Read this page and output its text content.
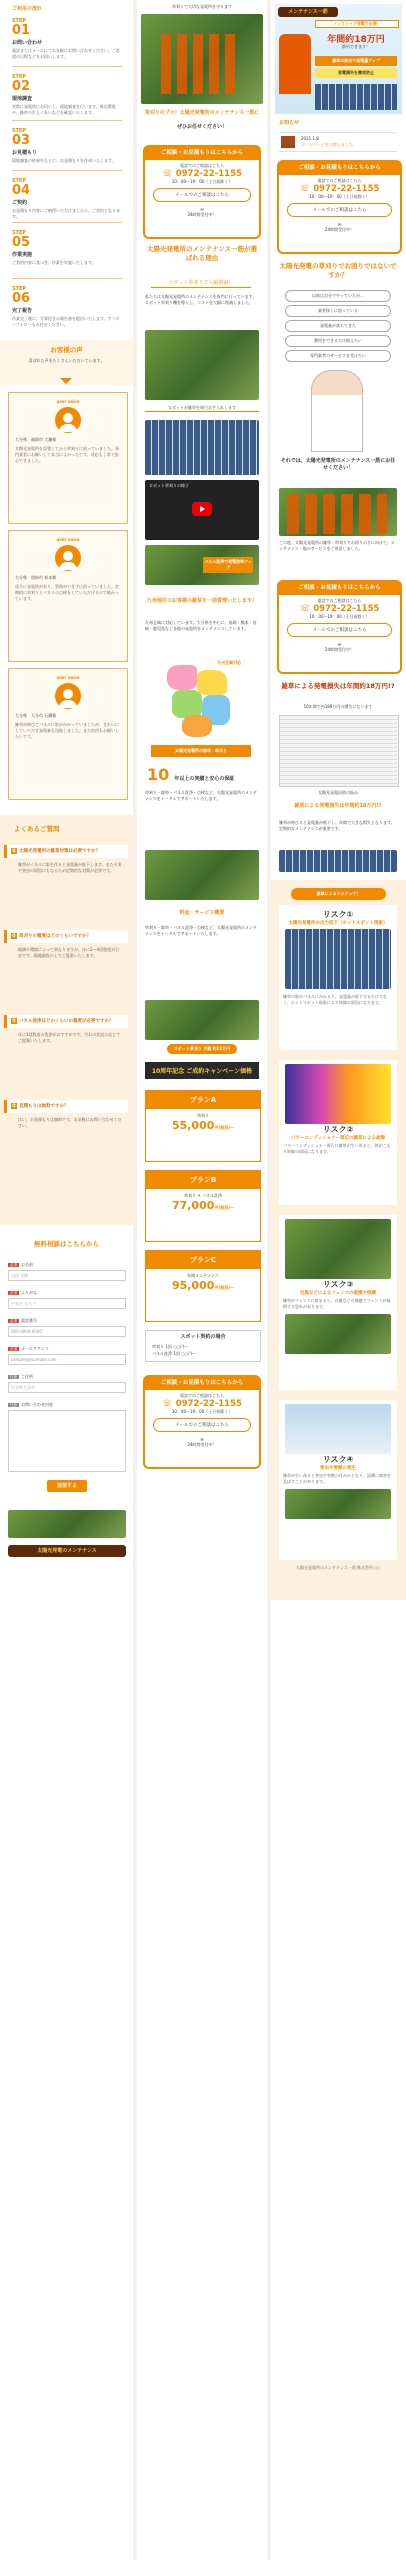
ご利用の流れ
STEP
01
お問い合わせ
電話またはメールにてお気軽にお問い合わせください。ご希望の日程などをお伺いします。
STEP
02
現地調査
実際に発電所にお伺いし、現地調査を行います。周辺環境や、雑草の生えぐあいなどを確認いたします。
STEP
03
お見積もり
現地調査の結果をもとに、お見積もりを作成いたします。
STEP
04
ご契約
お見積もり内容にご納得いただけましたら、ご契約となります。
STEP
05
作業実施
ご契約内容に基づき、作業を実施いたします。
STEP
06
完了報告
作業完了後に、写真付きの報告書を提出いたします。アフターフォローもお任せください。
お客様の声
喜ばれた声をたくさんいただいています。
user voice
大分県　福岡市 大瀬様
太陽光発電所を設置してから草刈りに困っていました。専門業者にお願いして本当によかったです。対応も丁寧で安心できました。
user voice
大分県　別府市 杉本様
遠方に発電所があり、管理ができずに困っていました。定期的に草刈りとパネルの点検をしていただけるので助かっています。
user voice
大分県　大分市 石橋様
雑草が伸びてパネルに影がかかっていましたが、きれいにしていただき発電量も回復しました。また次回もお願いしたいです。
よくあるご質問
Q 太陽光発電所の雑草対策は必要ですか？
雑草がパネルに影を作ると発電量が低下します。また火災や害虫の原因にもなるため定期的な対策が必要です。
Q 草刈りの頻度はどのくらいですか？
地域や環境によって異なりますが、年に2〜4回程度が目安です。現地調査の上でご提案いたします。
Q パネル洗浄はどのくらいの頻度が必要ですか？
年に1回程度の洗浄がおすすめです。汚れの状況に応じてご提案いたします。
Q 見積もりは無料ですか？
はい、お見積もりは無料です。お気軽にお問い合わせください。
無料相談はこちらから
必須 お名前
山田 太郎
必須 ふりがな
やまだ たろう
必須 電話番号
000-0000-0000
必須 メールアドレス
sample@example.com
任意 ご住所
大分県大分市
任意 お問い合わせ内容
送信する
太陽光発電のメンテナンス
草刈りで大切な発電所を守ります
草刈りのプロ！太陽光発電所のメンテナンス一筋に
ぜひお任せください！
ご相談・お見積もりはこちらから
電話でのご相談はこちら
☏ 0972-22-1155
10：00〜19：00（土日祝除く）
メールでのご相談はこちら
✉
24時間受付中！
太陽光発電所のメンテナンス一筋が選ばれる理由
ロボット草刈りで大幅削減！
私たちは太陽光発電所のメンテナンスを専門に行っています。ロボット草刈り機を導入し、コストを大幅に削減しました。
ロボットが雑草を毎日お手入れします
ロボット草刈りの様子
パネル洗浄で発電効率アップ
九州地区のお客様の雑草を一括管理いたします！
九州全域に対応しています。大分県を中心に、福岡・熊本・宮崎・鹿児島など各地の発電所をメンテナンスしています。
九州全域対応
太陽光発電所の雑草・草刈り
10 年以上の実績と安心の保証
草刈り・除草・パネル洗浄・点検など、太陽光発電所のメンテナンスをトータルでサポートいたします。
料金・サービス概要
草刈り・除草・パネル洗浄・点検など、太陽光発電所のメンテナンスをトータルでサポートいたします。
ロボット草刈り 月額 約11万円
10周年記念 ご成約キャンペーン価格
プランA
草刈り
55,000円(税別)〜
プランB
草刈り + パネル洗浄
77,000円(税別)〜
プランC
年間メンテナンス
95,000円(税別)〜
スポット契約の場合
草刈り 1回 ○○円〜
パネル洗浄 1回 ○○円〜
ご相談・お見積もりはこちらから
電話でのご相談はこちら
☏ 0972-22-1155
10：00〜19：00（土日祝除く）
メールでのご相談はこちら
✉
24時間受付中！
メンテナンス一筋
ノンストップ発電でお得！
年間約18万円
節約できます！
雑草の除去で発電量アップ
発電損失を徹底防止
お知らせ
2021.1.8
ホームページを公開しました。
ご相談・お見積もりはこちらから
電話でのご相談はこちら
☏ 0972-22-1155
10：00〜19：00（土日祝除く）
メールでのご相談はこちら
✉
24時間受付中！
太陽光発電の草刈りでお困りではないですか？
以前は自分でやっていたが…
業者探しに困っている
発電量が落ちてきた
費用をできるだけ抑えたい
専門業者のサービスを受けたい
それでは、太陽光発電所のメンテナンス一筋にお任せください！
この度、太陽光発電所の雑草・草刈りでお困りの方に向けて、メンテナンス一筋のサービスをご用意しました。
ご相談・お見積もりはこちらから
電話でのご相談はこちら
☏ 0972-22-1155
10：00〜19：00（土日祝除く）
メールでのご相談はこちら
✉
24時間受付中！
雑草による発電損失は年間約18万円!?
10年間で約180万円の損失になります
太陽光発電投資の悩み
雑草による発電損失は年間約18万円!?
雑草が伸びると発電量が低下し、年間で大きな損失となります。定期的なメンテナンスが重要です。
雑草によるリスクって？
リスク①
太陽光発電所の出力低下（ホットスポット現象）
雑草の影がパネルにかかると、発電量が低下するだけでなく、ホットスポット現象により故障の原因になります。
リスク②
パワーコンディショナー周辺の雑草による故障
パワーコンディショナー周辺に雑草が生い茂ると、熱がこもり故障の原因になります。
リスク③
台風などによるフェンスの破損や倒壊
雑草がフェンスに絡まると、台風などの強風でフェンスが破損する恐れがあります。
リスク④
害虫や害獣の発生
雑草が生い茂ると害虫や害獣の住みかとなり、設備に被害を及ぼすことがあります。
太陽光発電所のメンテナンス一筋 株式会社○○
